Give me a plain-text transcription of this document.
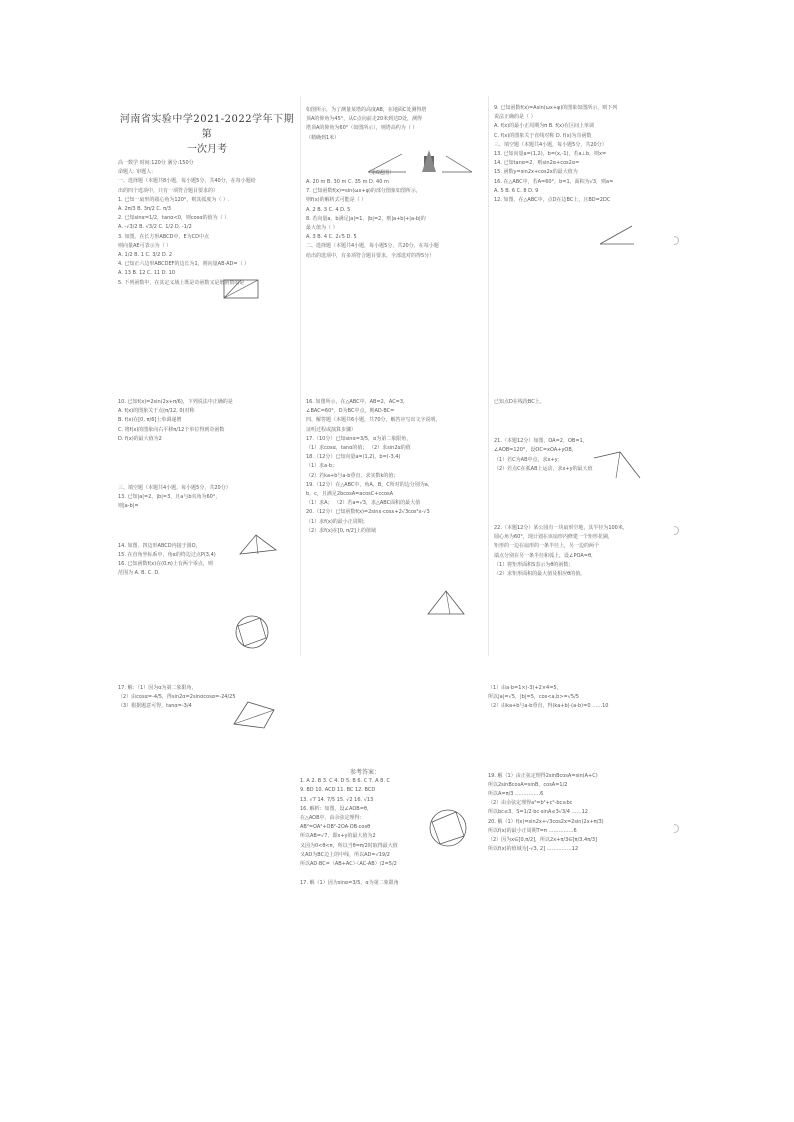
河南省实验中学2021-2022学年下期第
一次月考
高一数学 时间:120分 满分:150分
命题人: 审题人:
一、选择题（本题共8小题，每小题5分，共40分，在每小题给
出的四个选项中，只有一项符合题目要求的）
1. 已知一扇形的圆心角为120°，则其弧度为（ ）.
A. 2π/3 B. 3π/2 C. π/3
2. 已知sinα=1/2，tanα<0，则cosα的值为（ ）
A. -√3/2 B. √3/2 C. 1/2 D. -1/2
3. 如图，在长方形ABCD中，E为CD中点
则向量AE可表示为（ ）
A. 1/2 B. 1 C. 3/2 D. 2
4. 已知正六边形ABCDEF的边长为1，则向量AB·AD=（ ）
A. 13 B. 12 C. 11 D. 10
5. 下列函数中，在其定义域上既是奇函数又是增函数的是
如图所示，为了测量某塔的高度AB，在地面C处测得塔
顶A的仰角为45°，从C点向前走20米到达D处，测得
塔顶A的仰角为60°（如图所示），则塔高约为（ ）
（精确到1米）
（第6题图）
A. 20 m B. 30 m C. 35 m D. 40 m
7. 已知函数f(x)=sin(ωx+φ)的部分图象如图所示，
则f(x)的解析式可能是（ ）
A. 2 B. 3 C. 4 D. 5
8. 若向量a，b满足|a|=1，|b|=2，则|a+b|+|a-b|的
最大值为（ ）
A. 3 B. 4 C. 2√5 D. 5
二、选择题（本题共4小题，每小题5分，共20分，在每小题
给出的选项中，有多项符合题目要求，全部选对的得5分）
9. 已知函数f(x)=Asin(ωx+φ)的图象如图所示，则下列
说法正确的是（ ）
A. f(x)的最小正周期为π B. f(x)在区间上单调
C. f(x)的图象关于直线对称 D. f(x)为奇函数
三、填空题（本题共4小题，每小题5分，共20分）
13. 已知向量a=(1,2)，b=(x,-1)，若a⊥b，则x=
14. 已知tanα=2，则sin2α+cos2α=
15. 函数y=sin2x+cos2x的最大值为
16. 在△ABC中，若A=60°，b=1，面积为√3，则a=
A. 5 B. 6 C. 8 D. 9
12. 如图，在△ABC中，点D在边BC上，且BD=2DC
10. 已知f(x)=2sin(2x+π/6)，下列说法中正确的是
A. f(x)的图象关于点(π/12, 0)对称
B. f(x)在[0, π/6]上单调递增
C. 将f(x)的图象向右平移π/12个单位得到奇函数
D. f(x)的最大值为2
三、填空题（本题共4小题，每小题5分，共20分）
13. 已知|a|=2，|b|=3，且a与b夹角为60°，
则|a-b|=
14. 如图，四边形ABCD内接于圆O，
15. 在直角坐标系中，角α的终边过点P(3,4)
16. 已知函数f(x)在(0,π)上有两个零点，则
范围为 A. B. C. D.
16. 如图所示，在△ABC中，AB=2，AC=3，
∠BAC=60°，D为BC中点，则AD·BC=
四、解答题（本题共6小题，共70分，解答应写出文字说明、
证明过程或演算步骤）
17.（10分）已知sinα=3/5，α为第二象限角，
（1）求cosα，tanα的值； （2）求sin2α的值
18.（12分）已知向量a=(1,2)，b=(-3,4)
（1）求a·b；
（2）若ka+b与a-b垂直，求实数k的值；
19.（12分）在△ABC中，角A，B，C所对的边分别为a，
b，c，且满足2bcosA=acosC+ccosA
（1）求A； （2）若a=√3，求△ABC面积的最大值
20.（12分）已知函数f(x)=2sinx·cosx+2√3cos²x-√3
（1）求f(x)的最小正周期；
（2）求f(x)在[0, π/2]上的值域
已知点D在线段BC上。
21.（本题12分）如图，OA=2，OB=1，
∠AOB=120°，设OC=xOA+yOB，
（1）若C为AB中点，求x+y；
（2）若点C在弧AB上运动，求x+y的最大值
22.（本题12分）某公园有一块扇形空地，其半径为100米，
圆心角为60°，现计划在该扇形内修建一个矩形花圃，
矩形的一边在扇形的一条半径上，另一边的两个
端点分别在另一条半径和弧上，设∠POA=θ，
（1）将矩形面积S表示为θ的函数；
（2）求矩形面积的最大值及相应θ的值。
17. 解：（1）因为α为第二象限角，
（2）由cosα=-4/5，得sin2α=2sinαcosα=-24/25
（3）根据题意可得，tanα=-3/4
参考答案：
1. A 2. B 3. C 4. D 5. B 6. C 7. A 8. C
9. BD 10. ACD 11. BC 12. BCD
13. √7 14. 7/5 15. √2 16. √13
16. 解析：如图，设∠AOB=θ，
在△AOB中，由余弦定理得：
AB²=OA²+OB²-2OA·OB·cosθ
所以AB=√7，即x+y的最大值为2
又因为0<θ<π，所以当θ=π/2时取得最大值
又AD为BC边上的中线，所以AD=√19/2
所以AD·BC=（AB+AC）·（AC-AB）/2=5/2
17. 解（1）因为sinα=3/5，α为第二象限角
（1）由a·b=1×(-3)+2×4=5，
所以|a|=√5，|b|=5，cos<a,b>=√5/5
（2）由ka+b与a-b垂直，得(ka+b)·(a-b)=0 ……10
19. 解（1）由正弦定理得2sinBcosA=sin(A+C)
所以2sinBcosA=sinB，cosA=1/2
所以A=π/3 ……………6
（2）由余弦定理得a²=b²+c²-bc≥bc
所以bc≤3，S=1/2·bc·sinA≤3√3/4 ……12
20. 解（1）f(x)=sin2x+√3cos2x=2sin(2x+π/3)
所以f(x)的最小正周期T=π ……………6
（2）因为x∈[0,π/2]，所以2x+π/3∈[π/3,4π/3]
所以f(x)的值域为[-√3, 2] ……………12
